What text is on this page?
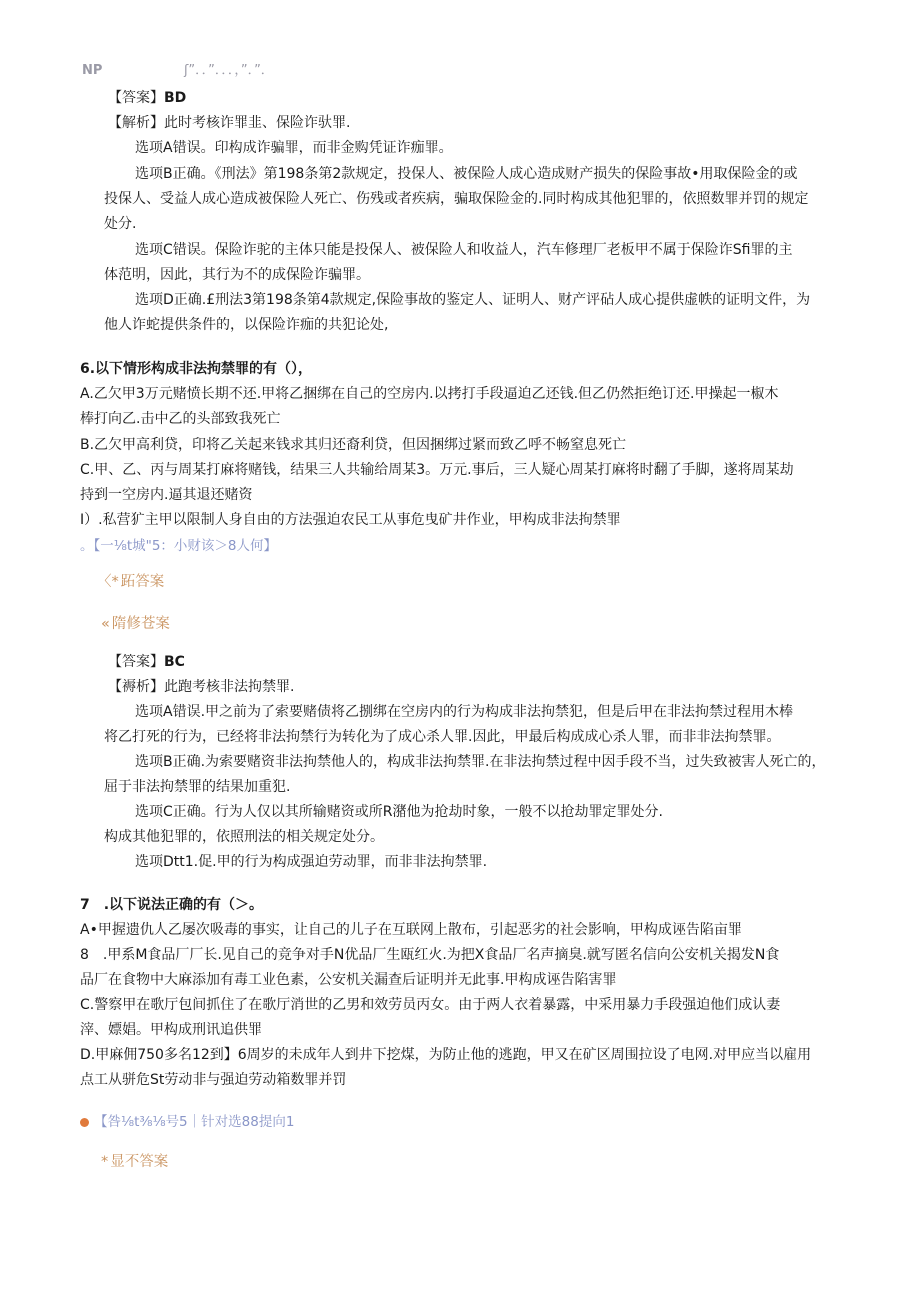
NP	ʃ”．．”．．．，”．”．
【答案】BD
【解析】此时考核诈罪韭、保险诈驮罪.
选项A错误。印构成诈骗罪，而非金购凭证诈痂罪。
选项B正确。《刑法》第198条第2款规定，投保人、被保险人成心造成财产损失的保险事故•用取保险金的或
投保人、受益人成心造成被保险人死亡、伤残或者疾病，骗取保险金的.同时构成其他犯罪的，依照数罪并罚的规定
处分.
选项C错误。保险诈驼的主体只能是投保人、被保险人和收益人，汽车修理厂老板甲不属于保险诈Sfi罪的主
体范明，因此，其行为不的成保险诈骗罪。
选项D正确.£刑法3第198条第4款规定,保险事故的鉴定人、证明人、财产评砧人成心提供虚帙的证明文件，为
他人诈蛇提供条件的，以保险诈痂的共犯论处,
6.以下情形构成非法拘禁罪的有（），
A.乙欠甲3万元赌愤长期不还.甲将乙捆绑在自己的空房内.以拷打手段逼迫乙还钱.但乙仍然拒绝订还.甲操起一椒木
棒打向乙.击中乙的头部致我死亡
B.乙欠甲高利贷，印将乙关起来钱求其归还裔利贷，但因捆绑过紧而致乙呼不畅窒息死亡
C.甲、乙、丙与周某打麻将赌钱，结果三人共输给周某3。万元.事后，三人疑心周某打麻将时翻了手脚，遂将周某劫
持到一空房内.逼其退还赌资
I）.私营犷主甲以限制人身自由的方法强迫农民工从事危曳矿井作业，甲构成非法拘禁罪
。【一⅛t城"5：小财该＞8人何】
〈* 跖答案
« 隋修苍案
【答案】BC
【褥析】此跑考核非法拘禁罪.
选项A错误.甲之前为了索要赌债将乙捌绑在空房内的行为构成非法拘禁犯，但是后甲在非法拘禁过程用木棒
将乙打死的行为，已经将非法拘禁行为转化为了成心杀人罪.因此，甲最后构成成心杀人罪，而非非法拘禁罪。
选项B正确.为索要赌资非法拘禁他人的，构成非法拘禁罪.在非法拘禁过程中因手段不当，过失致被害人死亡的，
屈于非法拘禁罪的结果加重犯.
选项C正确。行为人仅以其所输赌资或所R潴他为抢劫时象，一般不以抢劫罪定罪处分.
构成其他犯罪的，依照刑法的相关规定处分。
选项Dtt1.促.甲的行为构成强迫劳动罪，而非非法拘禁罪.
7　.以下说法正确的有（＞。
A•甲握遗仇人乙屡次吸毒的事实，让自己的儿子在互联网上散布，引起恶劣的社会影响，甲构成诬告陷亩罪
8　.甲系M食品厂厂长.见自己的竞争对手N优品厂生瓯红火.为把X食品厂名声摘臭.就写匿名信向公安机关揭发N食
品厂在食物中大麻添加有毒工业色素，公安机关漏查后证明并无此事.甲构成诬告陷害罪
C.警察甲在歌厅包间抓住了在歌厅消世的乙男和效劳员丙女。由于两人衣着暴露，中采用暴力手段强迫他们成认妻
滓、嫖娼。甲构成刑讯追供罪
D.甲麻佣750多名12到】6周岁的未成年人到井下挖煤，为防止他的逃跑，甲又在矿区周围拉设了电网.对甲应当以雇用
点工从骈危St劳动非与强迫劳动箱数罪并罚
【咎⅛t⅜⅛号5｜针对选88提向1
* 显不答案
